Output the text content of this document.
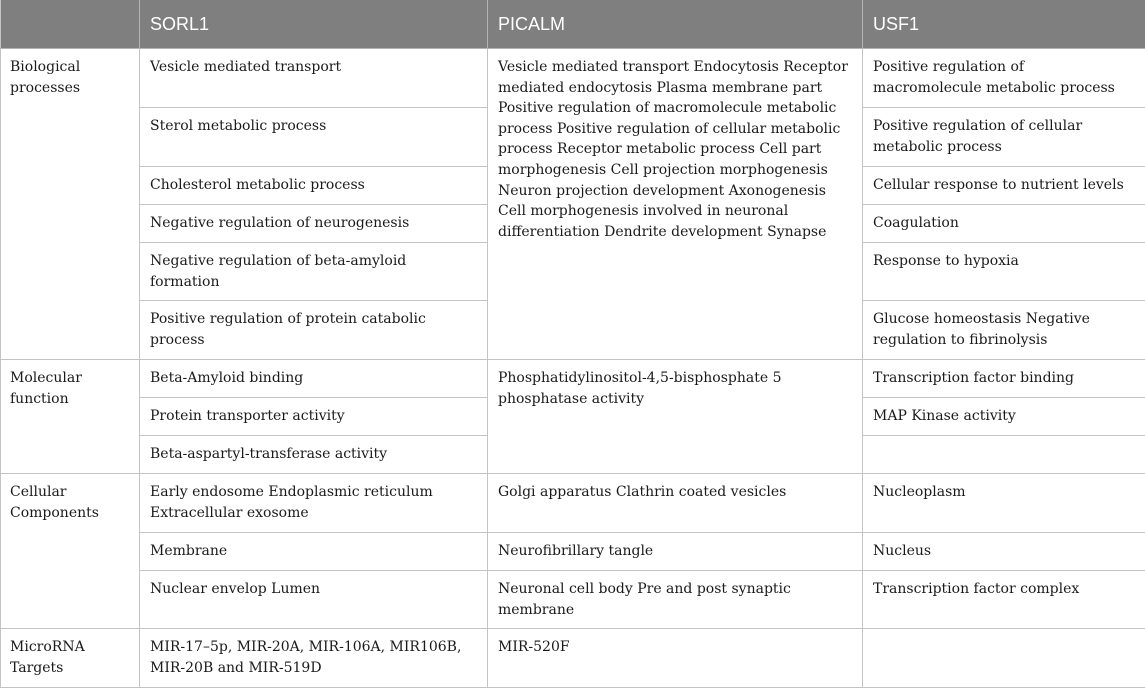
	SORL1	PICALM	USF1
Biological processes	Vesicle mediated transport	Vesicle mediated transport Endocytosis Receptor mediated endocytosis Plasma membrane part Positive regulation of macromolecule metabolic process Positive regulation of cellular metabolic process Receptor metabolic process Cell part morphogenesis Cell projection morphogenesis Neuron projection development Axonogenesis Cell morphogenesis involved in neuronal differentiation Dendrite development Synapse	Positive regulation of macromolecule metabolic process
	Sterol metabolic process		Positive regulation of cellular metabolic process
	Cholesterol metabolic process		Cellular response to nutrient levels
	Negative regulation of neurogenesis		Coagulation
	Negative regulation of beta-amyloid formation		Response to hypoxia
	Positive regulation of protein catabolic process		Glucose homeostasis Negative regulation to fibrinolysis
Molecular function	Beta-Amyloid binding	Phosphatidylinositol-4,5-bisphosphate 5 phosphatase activity	Transcription factor binding
	Protein transporter activity		MAP Kinase activity
	Beta-aspartyl-transferase activity		
Cellular Components	Early endosome Endoplasmic reticulum Extracellular exosome	Golgi apparatus Clathrin coated vesicles	Nucleoplasm
	Membrane	Neurofibrillary tangle	Nucleus
	Nuclear envelop Lumen	Neuronal cell body Pre and post synaptic membrane	Transcription factor complex
MicroRNA Targets	MIR-17–5p, MIR-20A, MIR-106A, MIR106B, MIR-20B and MIR-519D	MIR-520F	
